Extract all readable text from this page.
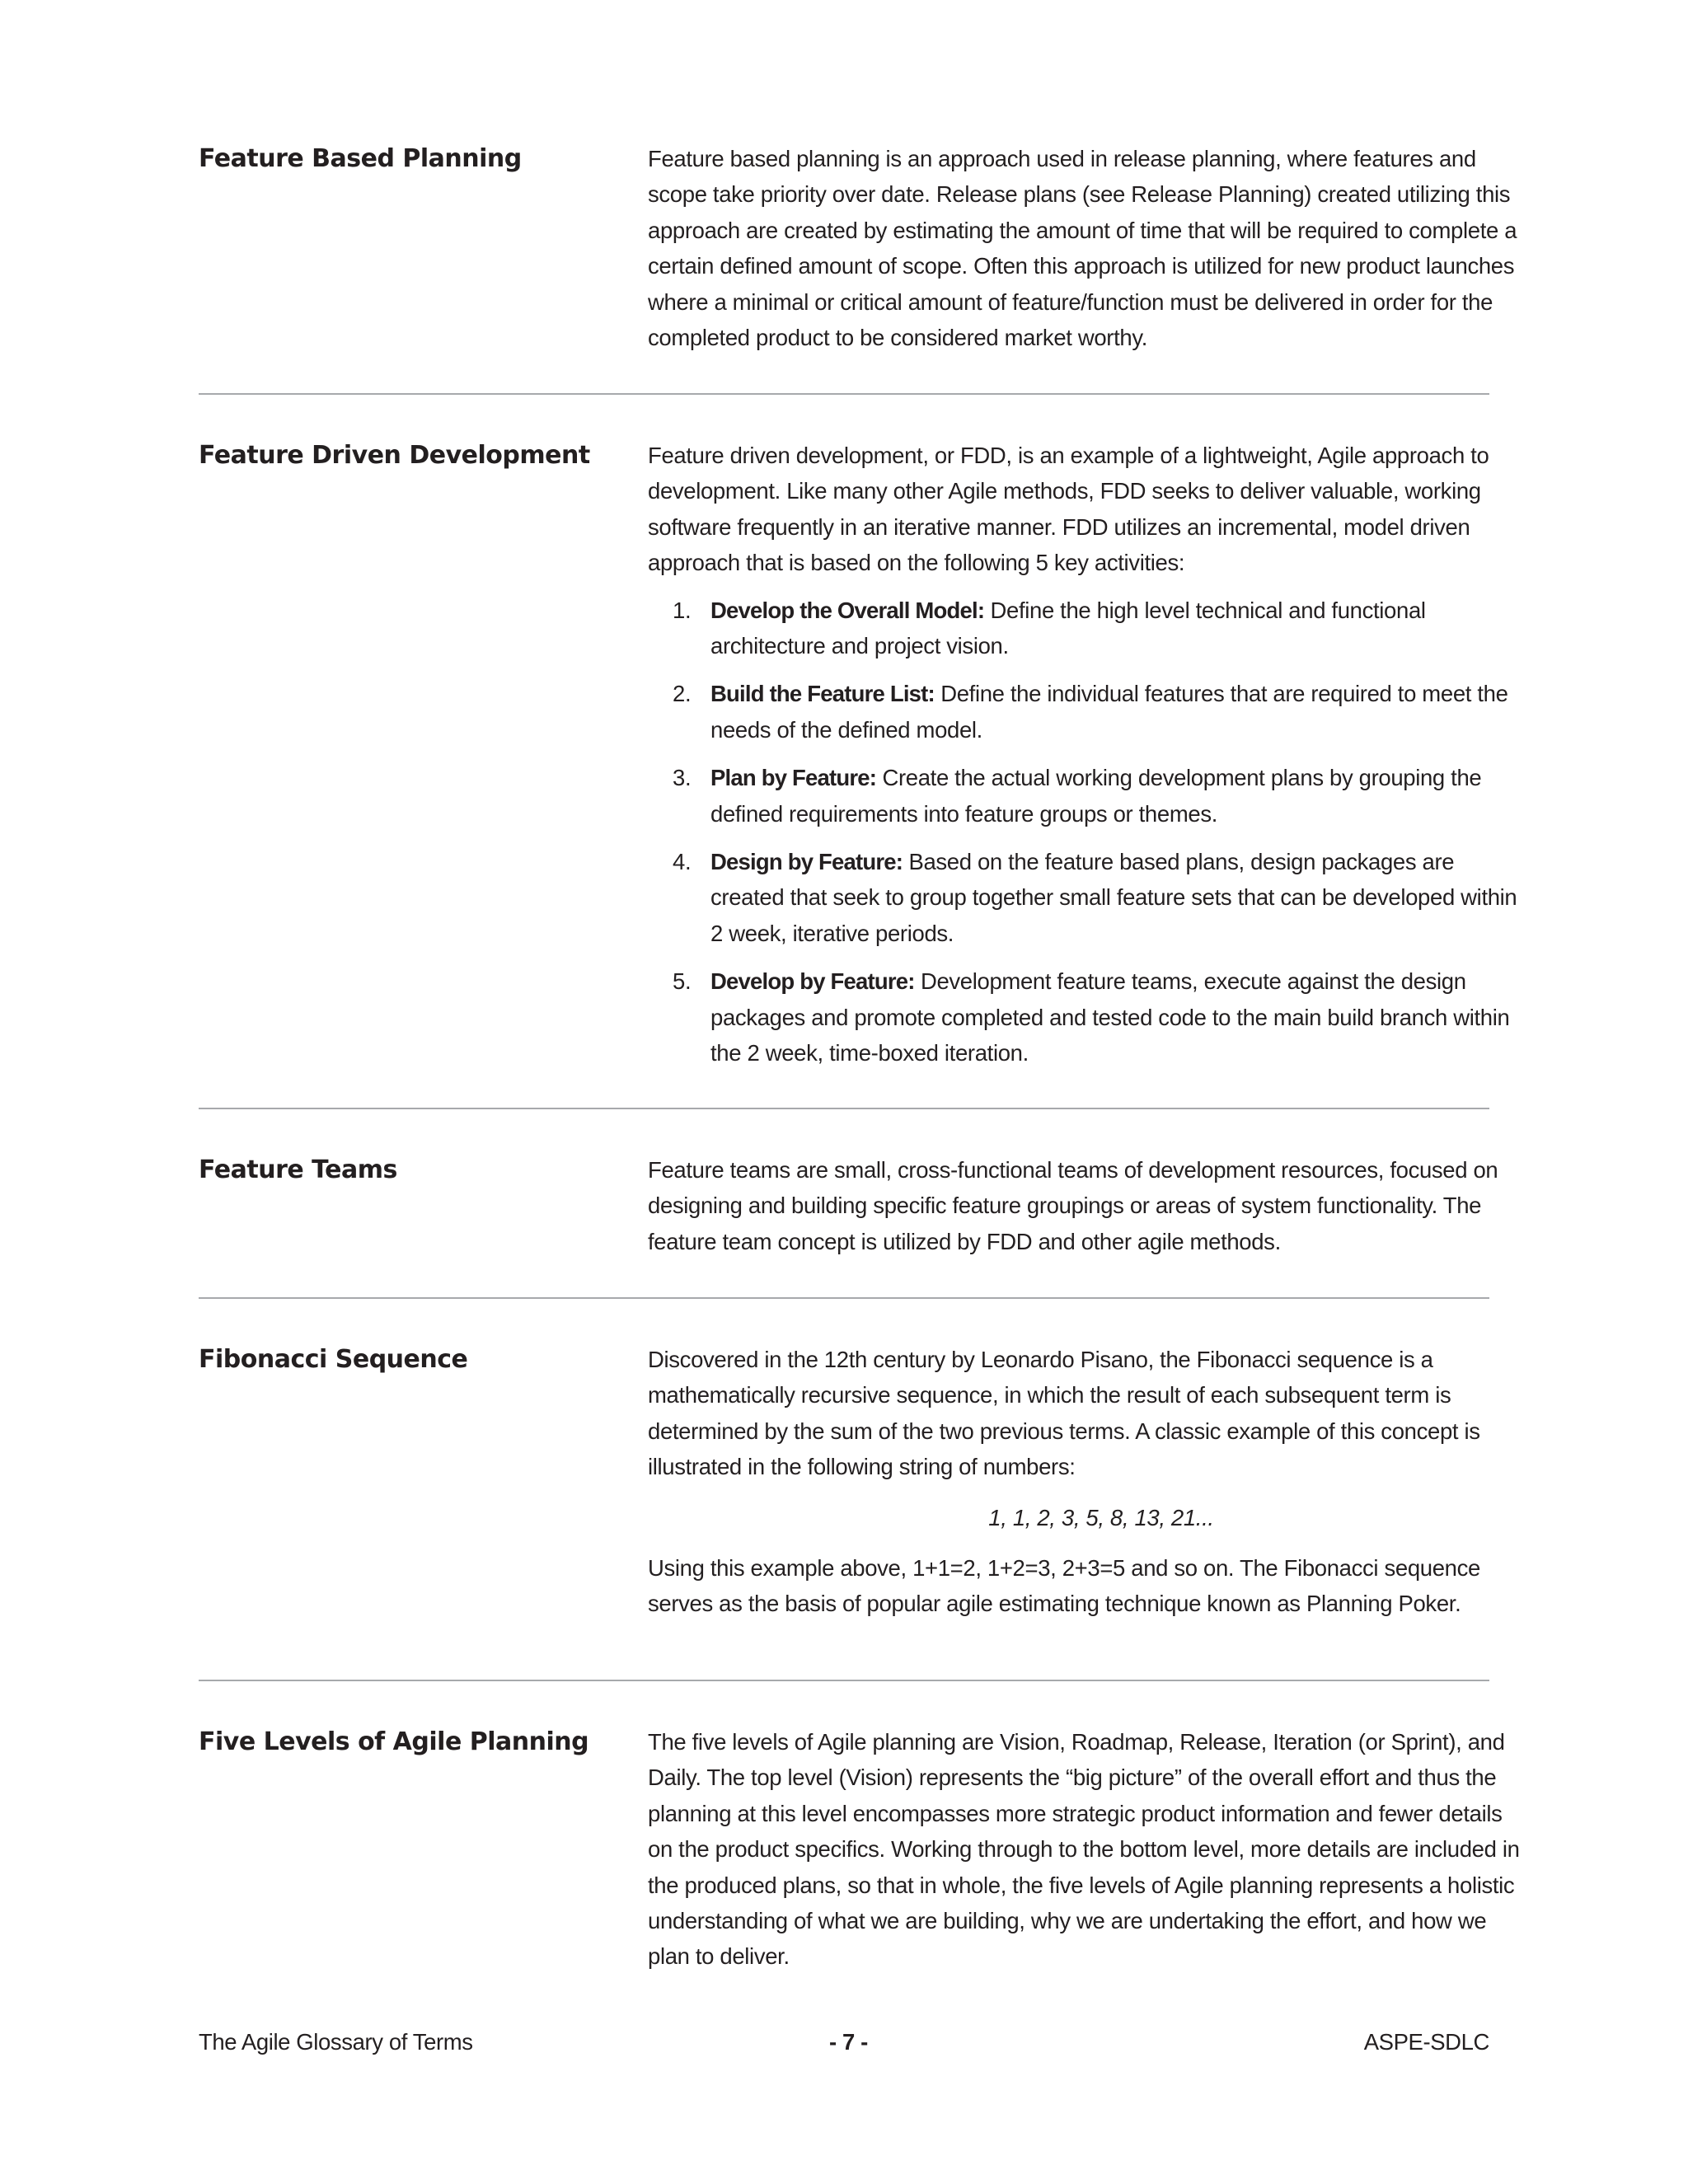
Feature Based Planning	Feature based planning is an approach used in release planning, where features and scope take priority over date. Release plans (see Release Planning) created utilizing this approach are created by estimating the amount of time that will be required to complete a certain defined amount of scope. Often this approach is utilized for new product launches where a minimal or critical amount of feature/function must be delivered in order for the completed product to be considered market worthy.

Feature Driven Development	Feature driven development, or FDD, is an example of a lightweight, Agile approach to development. Like many other Agile methods, FDD seeks to deliver valuable, working software frequently in an iterative manner. FDD utilizes an incremental, model driven approach that is based on the following 5 key activities:

1. Develop the Overall Model: Define the high level technical and functional architecture and project vision.
2. Build the Feature List: Define the individual features that are required to meet the needs of the defined model.
3. Plan by Feature: Create the actual working development plans by grouping the defined requirements into feature groups or themes.
4. Design by Feature: Based on the feature based plans, design packages are created that seek to group together small feature sets that can be developed within 2 week, iterative periods.
5. Develop by Feature: Development feature teams, execute against the design packages and promote completed and tested code to the main build branch within the 2 week, time-boxed iteration.
Feature Teams	Feature teams are small, cross-functional teams of development resources, focused on designing and building specific feature groupings or areas of system functionality. The feature team concept is utilized by FDD and other agile methods.

Fibonacci Sequence	Discovered in the 12th century by Leonardo Pisano, the Fibonacci sequence is a mathematically recursive sequence, in which the result of each subsequent term is determined by the sum of the two previous terms. A classic example of this concept is illustrated in the following string of numbers:

1, 1, 2, 3, 5, 8, 13, 21...

Using this example above, 1+1=2, 1+2=3, 2+3=5 and so on. The Fibonacci sequence serves as the basis of popular agile estimating technique known as Planning Poker.

Five Levels of Agile Planning	The five levels of Agile planning are Vision, Roadmap, Release, Iteration (or Sprint), and Daily. The top level (Vision) represents the “big picture” of the overall effort and thus the planning at this level encompasses more strategic product information and fewer details on the product specifics. Working through to the bottom level, more details are included in the produced plans, so that in whole, the five levels of Agile planning represents a holistic understanding of what we are building, why we are undertaking the effort, and how we plan to deliver.

The Agile Glossary of Terms	- 7 -	ASPE-SDLC
